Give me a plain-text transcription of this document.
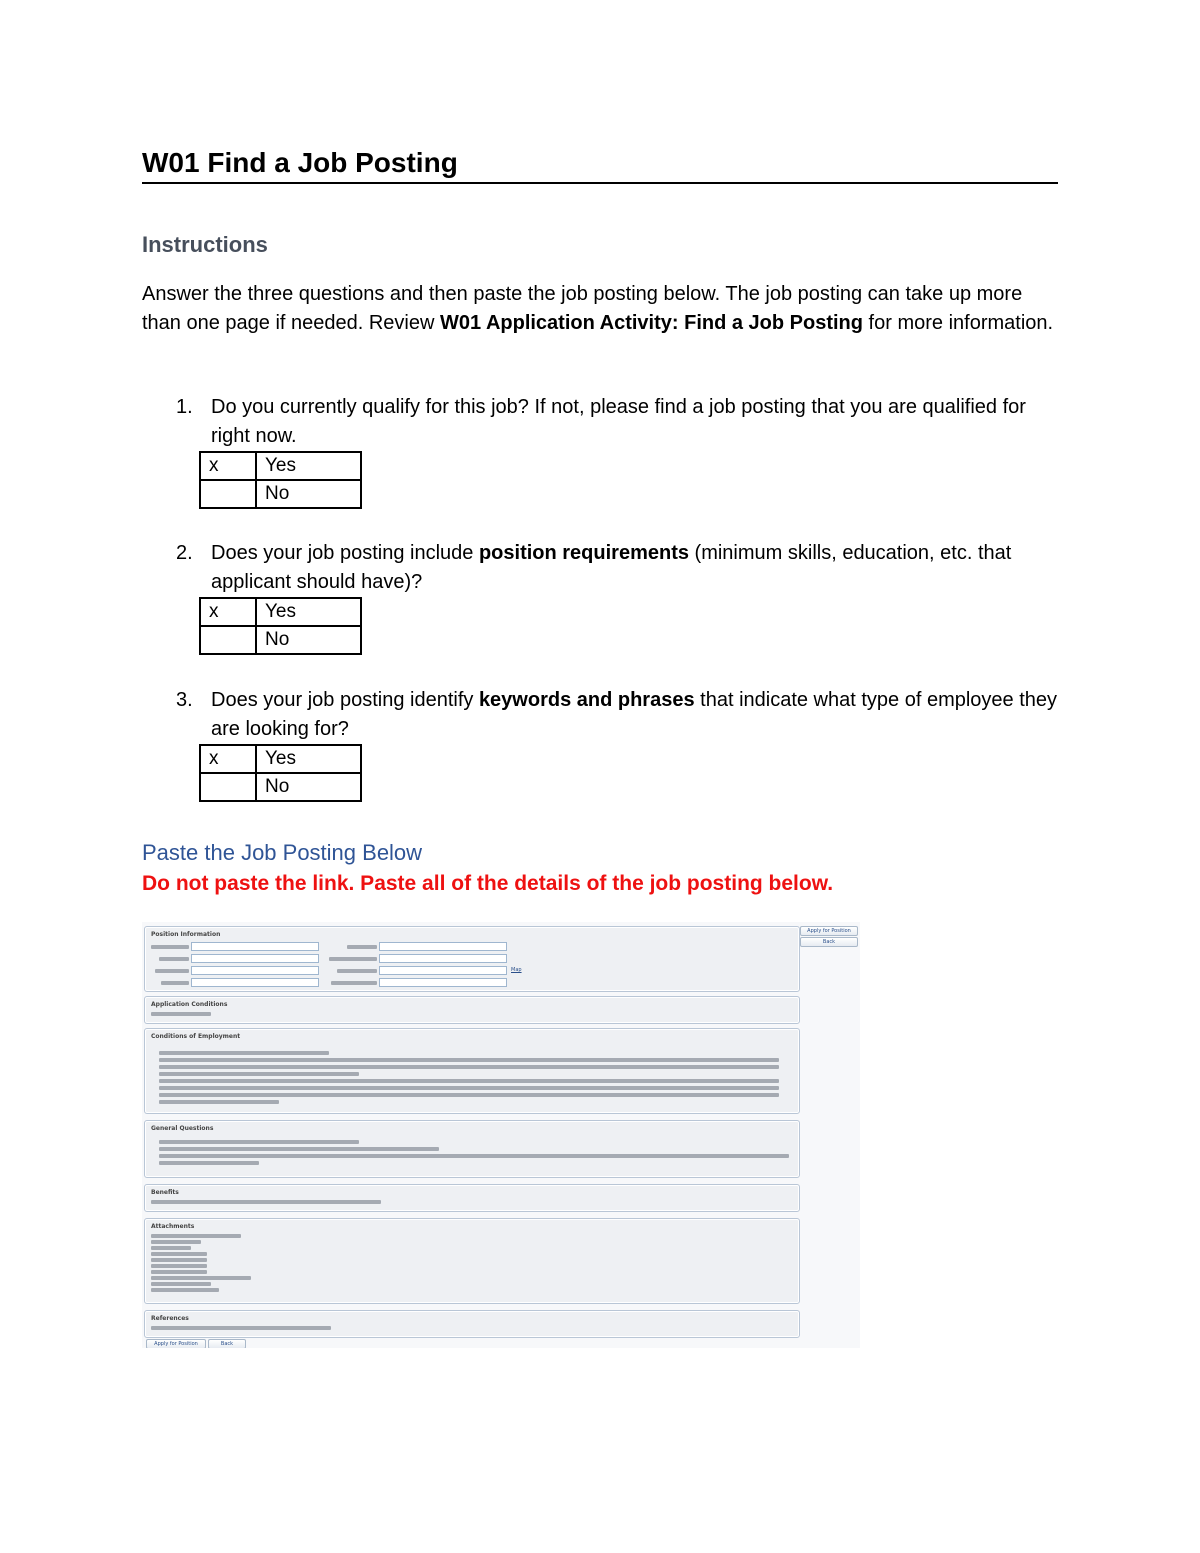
W01 Find a Job Posting
Instructions
Answer the three questions and then paste the job posting below. The job posting can take up more than one page if needed. Review W01 Application Activity: Find a Job Posting for more information.
1. Do you currently qualify for this job? If not, please find a job posting that you are qualified for right now.
x	Yes
	No
2. Does your job posting include position requirements (minimum skills, education, etc. that applicant should have)?
x	Yes
	No
3. Does your job posting identify keywords and phrases that indicate what type of employee they are looking for?
x	Yes
	No
Paste the Job Posting Below
Do not paste the link. Paste all of the details of the job posting below.
Apply for Position
Back
Position Information
Map
Application Conditions
Conditions of Employment
General Questions
Benefits
Attachments
References
Apply for Position	Back
